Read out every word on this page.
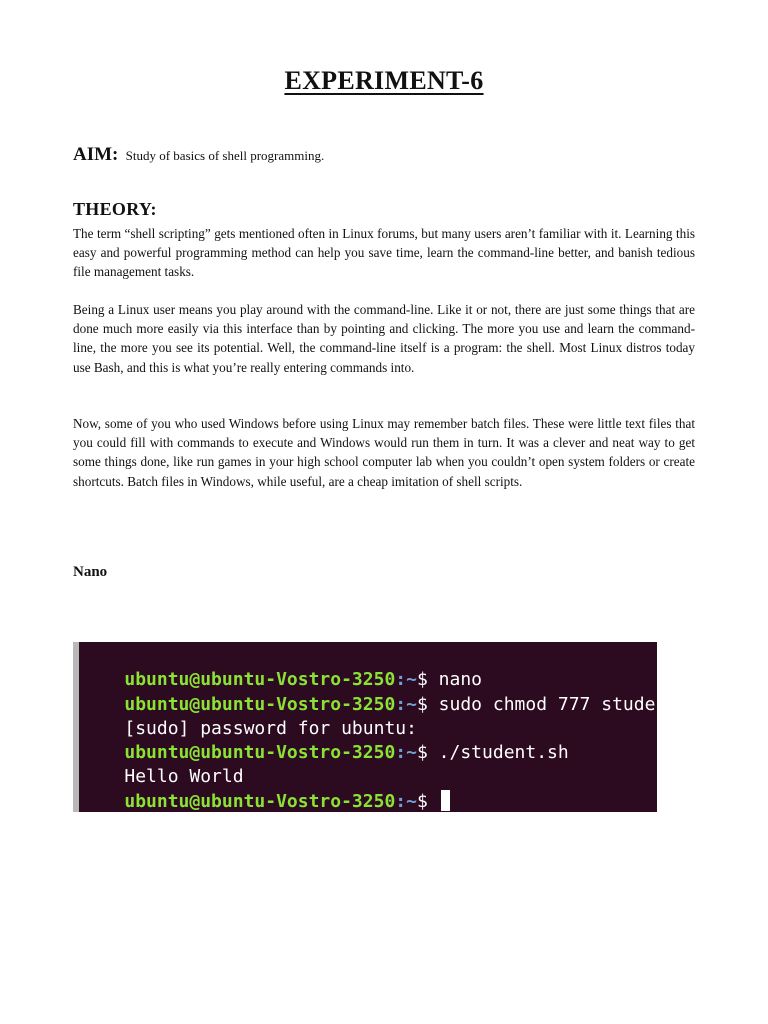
EXPERIMENT-6
AIM: Study of basics of shell programming.
THEORY:

The term “shell scripting” gets mentioned often in Linux forums, but many users aren’t familiar with it. Learning this easy and powerful programming method can help you save time, learn the command-line better, and banish tedious file management tasks.

Being a Linux user means you play around with the command-line. Like it or not, there are just some things that are done much more easily via this interface than by pointing and clicking. The more you use and learn the command-line, the more you see its potential. Well, the command-line itself is a program: the shell. Most Linux distros today use Bash, and this is what you’re really entering commands into.

Now, some of you who used Windows before using Linux may remember batch files. These were little text files that you could fill with commands to execute and Windows would run them in turn. It was a clever and neat way to get some things done, like run games in your high school computer lab when you couldn’t open system folders or create shortcuts. Batch files in Windows, while useful, are a cheap imitation of shell scripts.

Nano

ubuntu@ubuntu-Vostro-3250:~$ nano

ubuntu@ubuntu-Vostro-3250:~$ sudo chmod 777 student.sh

[sudo] password for ubuntu:

ubuntu@ubuntu-Vostro-3250:~$ ./student.sh

Hello World

ubuntu@ubuntu-Vostro-3250:~$
